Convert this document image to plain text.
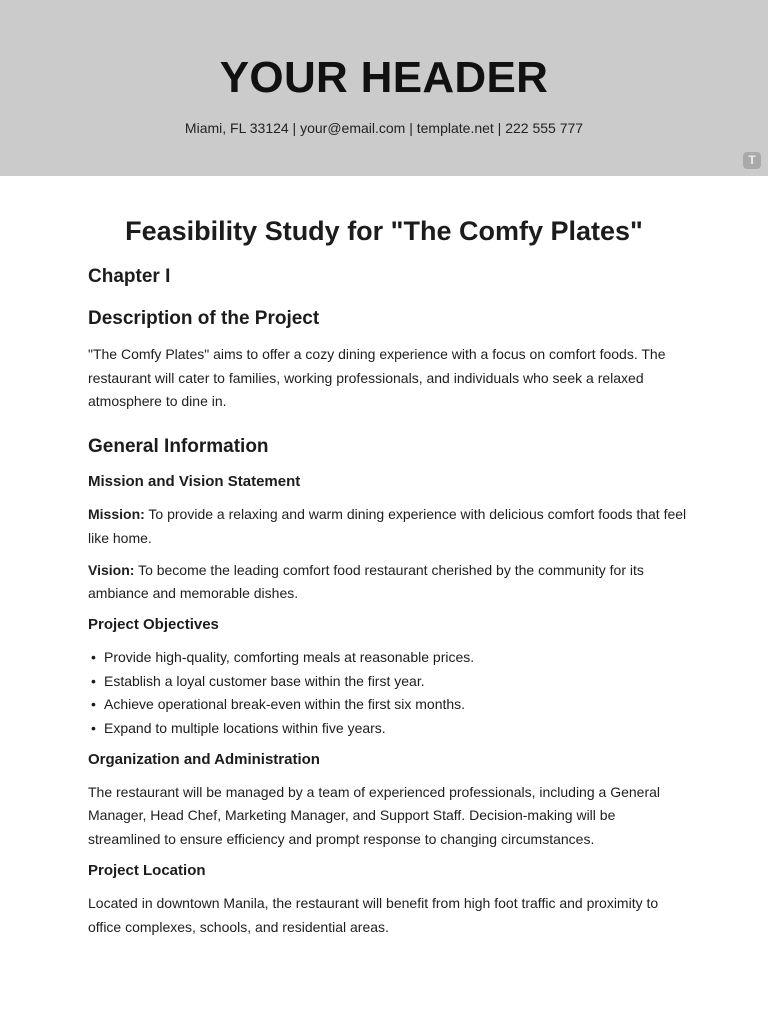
YOUR HEADER
Miami, FL 33124 | your@email.com | template.net | 222 555 777
T
Feasibility Study for "The Comfy Plates"
Chapter I
Description of the Project

"The Comfy Plates" aims to offer a cozy dining experience with a focus on comfort foods. The restaurant will cater to families, working professionals, and individuals who seek a relaxed atmosphere to dine in.

General Information
Mission and Vision Statement

Mission: To provide a relaxing and warm dining experience with delicious comfort foods that feel like home.

Vision: To become the leading comfort food restaurant cherished by the community for its ambiance and memorable dishes.

Project Objectives
• Provide high-quality, comforting meals at reasonable prices.
• Establish a loyal customer base within the first year.
• Achieve operational break-even within the first six months.
• Expand to multiple locations within five years.
Organization and Administration

The restaurant will be managed by a team of experienced professionals, including a General Manager, Head Chef, Marketing Manager, and Support Staff. Decision-making will be streamlined to ensure efficiency and prompt response to changing circumstances.

Project Location

Located in downtown Manila, the restaurant will benefit from high foot traffic and proximity to office complexes, schools, and residential areas.
